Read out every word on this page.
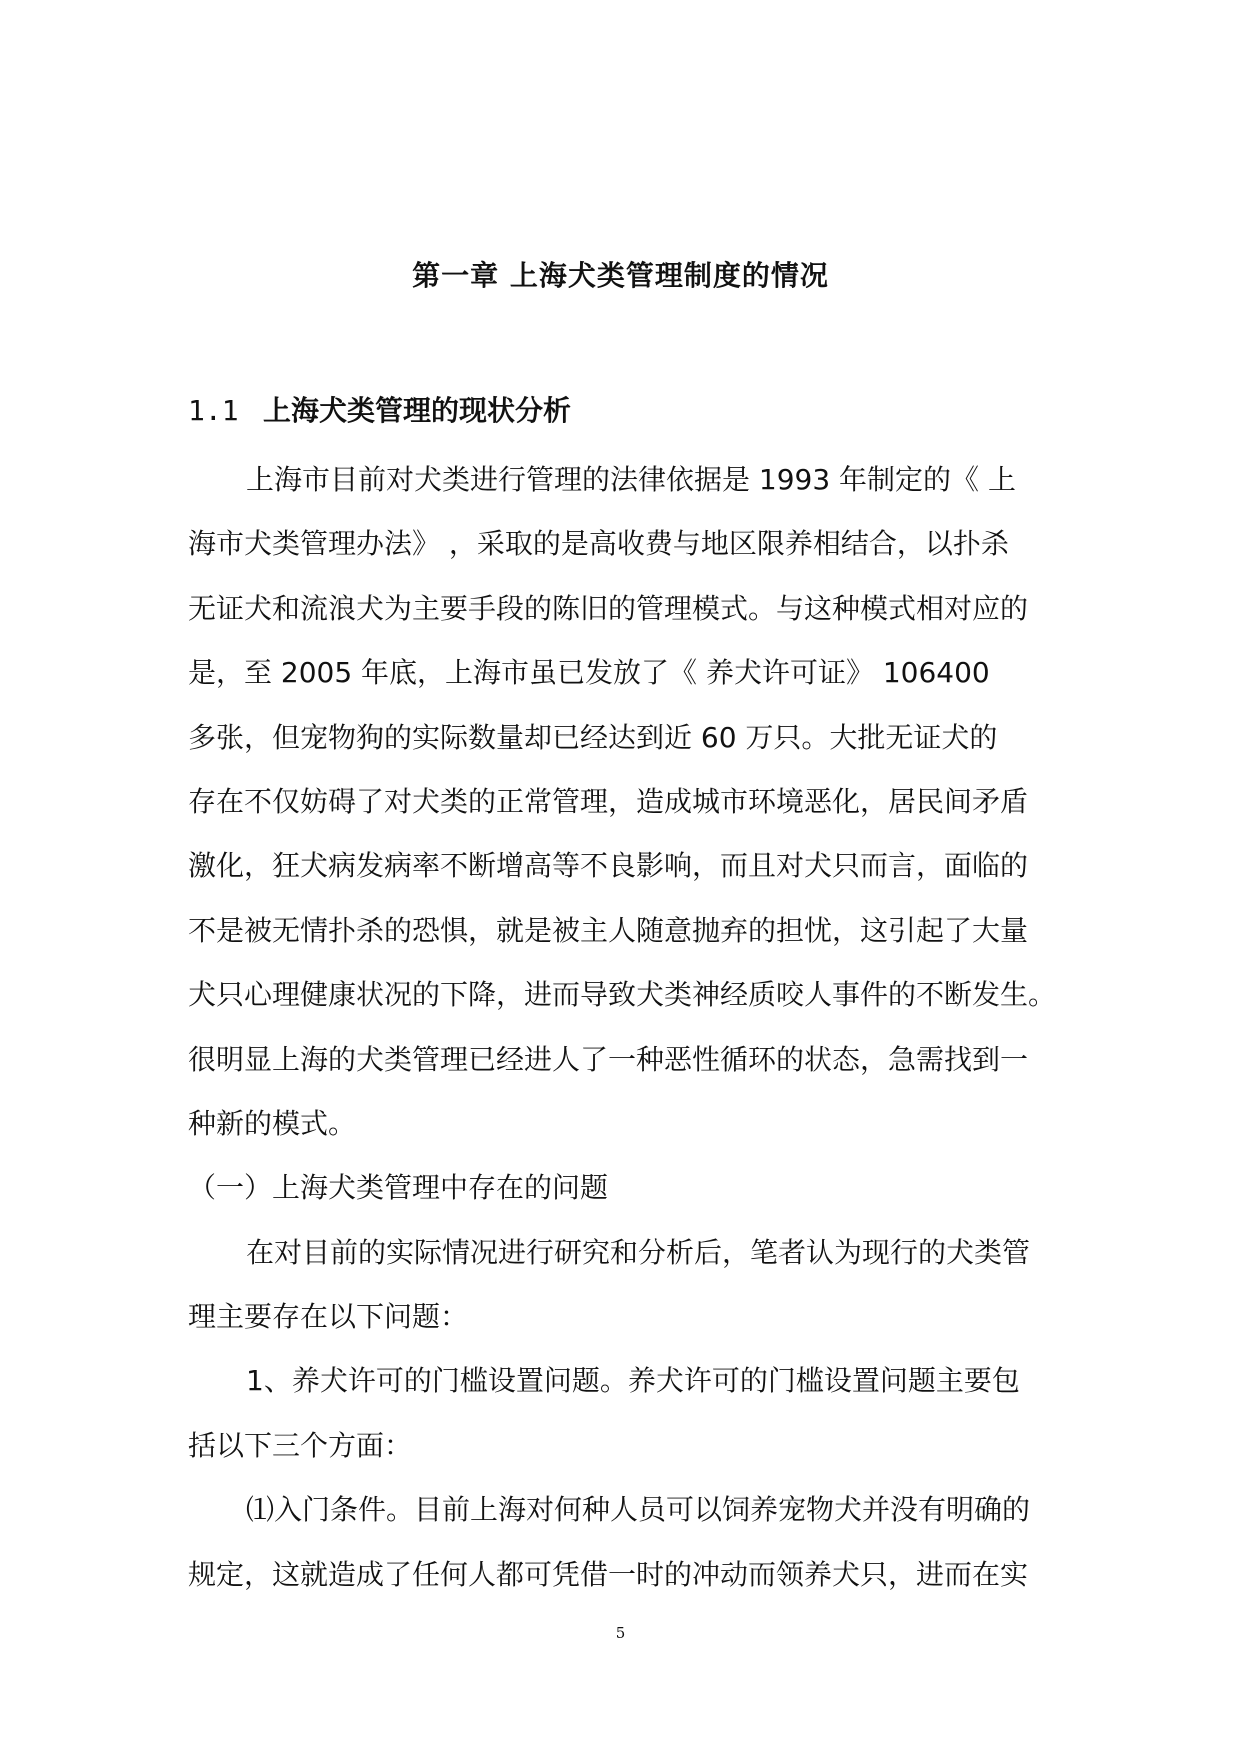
第一章 上海犬类管理制度的情况
1.1 上海犬类管理的现状分析
上海市目前对犬类进行管理的法律依据是 1993 年制定的《 上
海市犬类管理办法》 ，采取的是高收费与地区限养相结合，以扑杀
无证犬和流浪犬为主要手段的陈旧的管理模式。与这种模式相对应的
是，至 2005 年底，上海市虽已发放了《 养犬许可证》 106400
多张，但宠物狗的实际数量却已经达到近 60 万只。大批无证犬的
存在不仅妨碍了对犬类的正常管理，造成城市环境恶化，居民间矛盾
激化，狂犬病发病率不断增高等不良影响，而且对犬只而言，面临的
不是被无情扑杀的恐惧，就是被主人随意抛弃的担忧，这引起了大量
犬只心理健康状况的下降，进而导致犬类神经质咬人事件的不断发生。
很明显上海的犬类管理已经进人了一种恶性循环的状态，急需找到一
种新的模式。
（一）上海犬类管理中存在的问题
在对目前的实际情况进行研究和分析后，笔者认为现行的犬类管
理主要存在以下问题：
1、养犬许可的门槛设置问题。养犬许可的门槛设置问题主要包
括以下三个方面：
⑴入门条件。目前上海对何种人员可以饲养宠物犬并没有明确的
规定，这就造成了任何人都可凭借一时的冲动而领养犬只，进而在实
5
